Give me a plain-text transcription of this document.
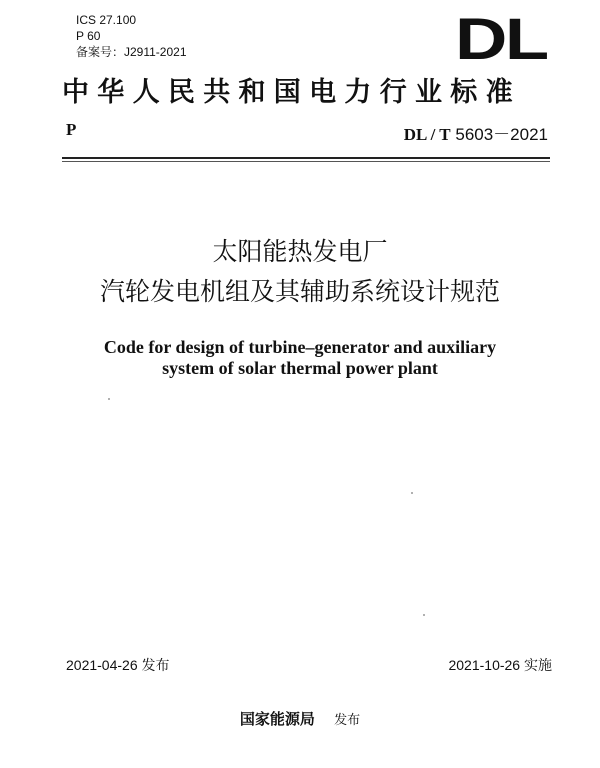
ICS 27.100
P 60
备案号：J2911-2021	DL
中华人民共和国电力行业标准
P	DL / T 5603－2021
太阳能热发电厂
汽轮发电机组及其辅助系统设计规范
Code for design of turbine–generator and auxiliary
system of solar thermal power plant
2021-04-26 发布	2021-10-26 实施
国家能源局 发布
